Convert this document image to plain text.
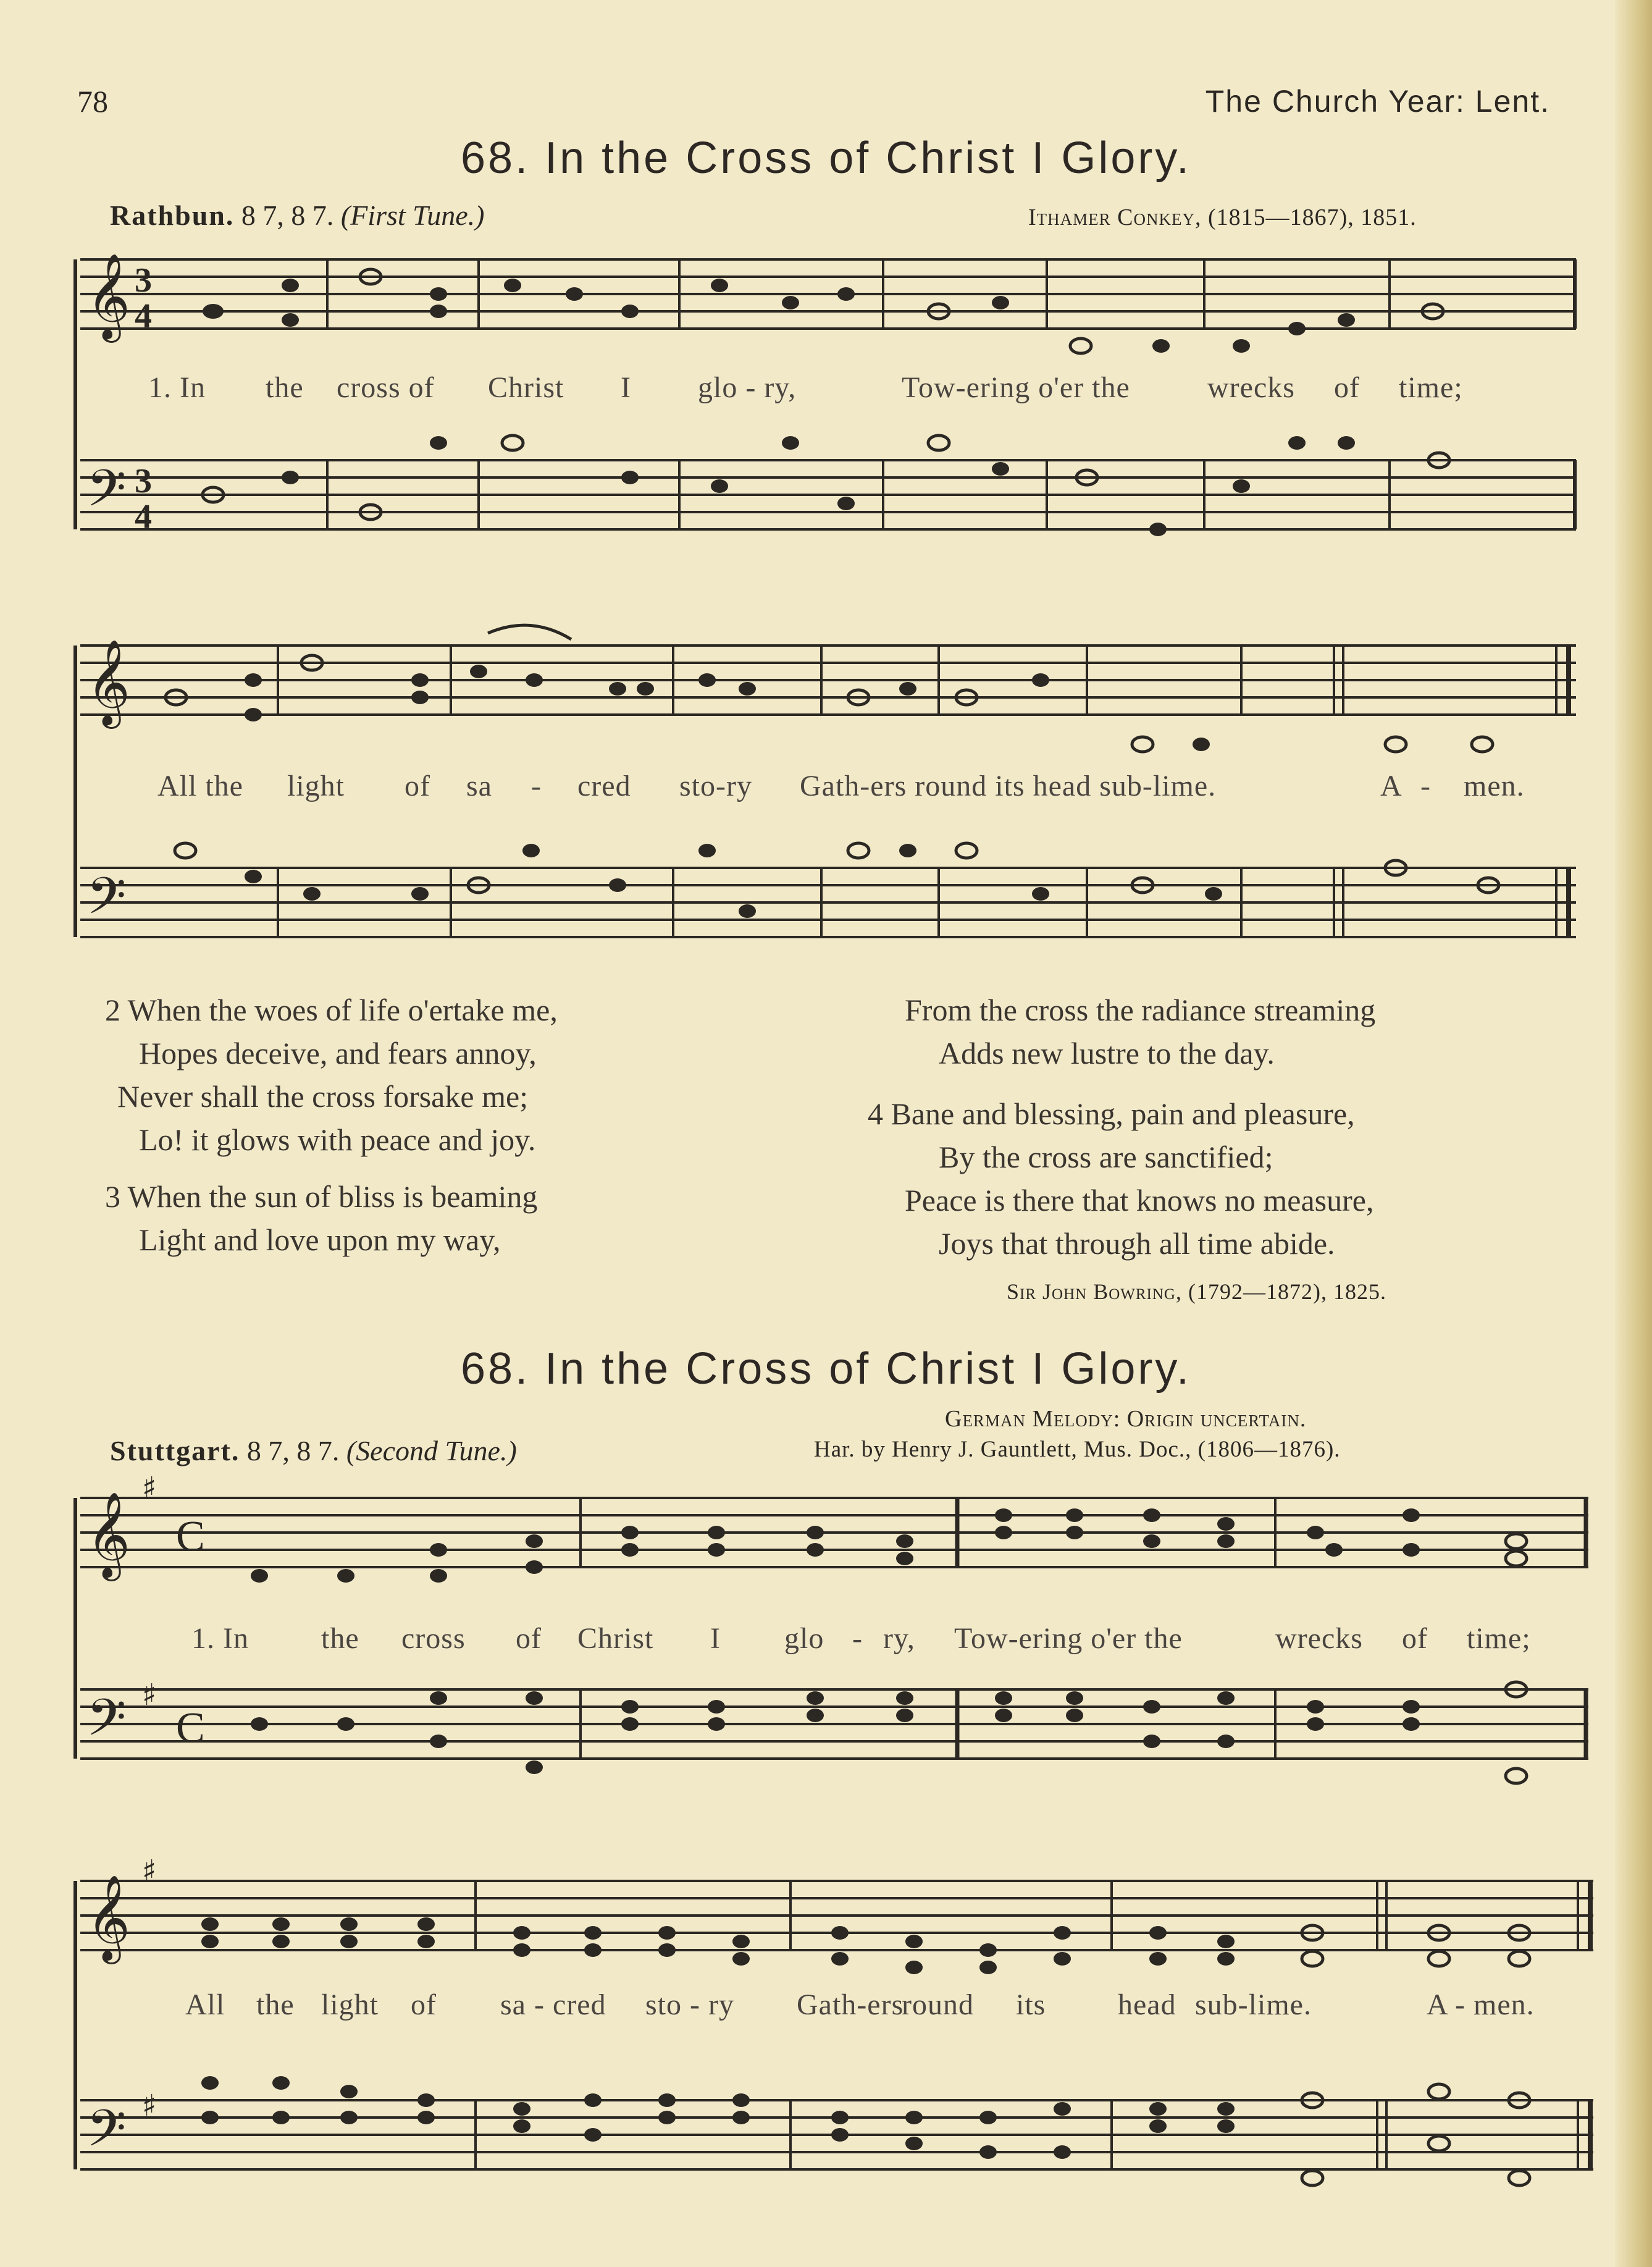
78	The Church Year: Lent.
68. In the Cross of Christ I Glory.
Rathbun. 8 7, 8 7. (First Tune.)	Ithamer Conkey, (1815—1867), 1851.
𝄞
𝄢
3
4
3
4
1. In the cross of Christ I glo - ry,	Tow-ering o'er the	wrecks of time;
𝄞
𝄢
All the light of sa - cred sto-ry Gath-ers round its head sub-lime.	A - men.
2 When the woes of life o'ertake me,
Hopes deceive, and fears annoy,
Never shall the cross forsake me;
Lo! it glows with peace and joy.
3 When the sun of bliss is beaming
Light and love upon my way,
From the cross the radiance streaming
Adds new lustre to the day.
4 Bane and blessing, pain and pleasure,
By the cross are sanctified;
Peace is there that knows no measure,
Joys that through all time abide.
Sir John Bowring, (1792—1872), 1825.
68. In the Cross of Christ I Glory.
German Melody: Origin uncertain.
Stuttgart. 8 7, 8 7. (Second Tune.)	Har. by Henry J. Gauntlett, Mus. Doc., (1806—1876).
𝄞
𝄢
♯
♯
C
C
1. In the cross of Christ I glo - ry, Tow-ering o'er the	wrecks of time;
𝄞
𝄢
♯
♯
All the light of sa - cred sto - ry Gath-ers
round its head sub-lime.	A - men.
